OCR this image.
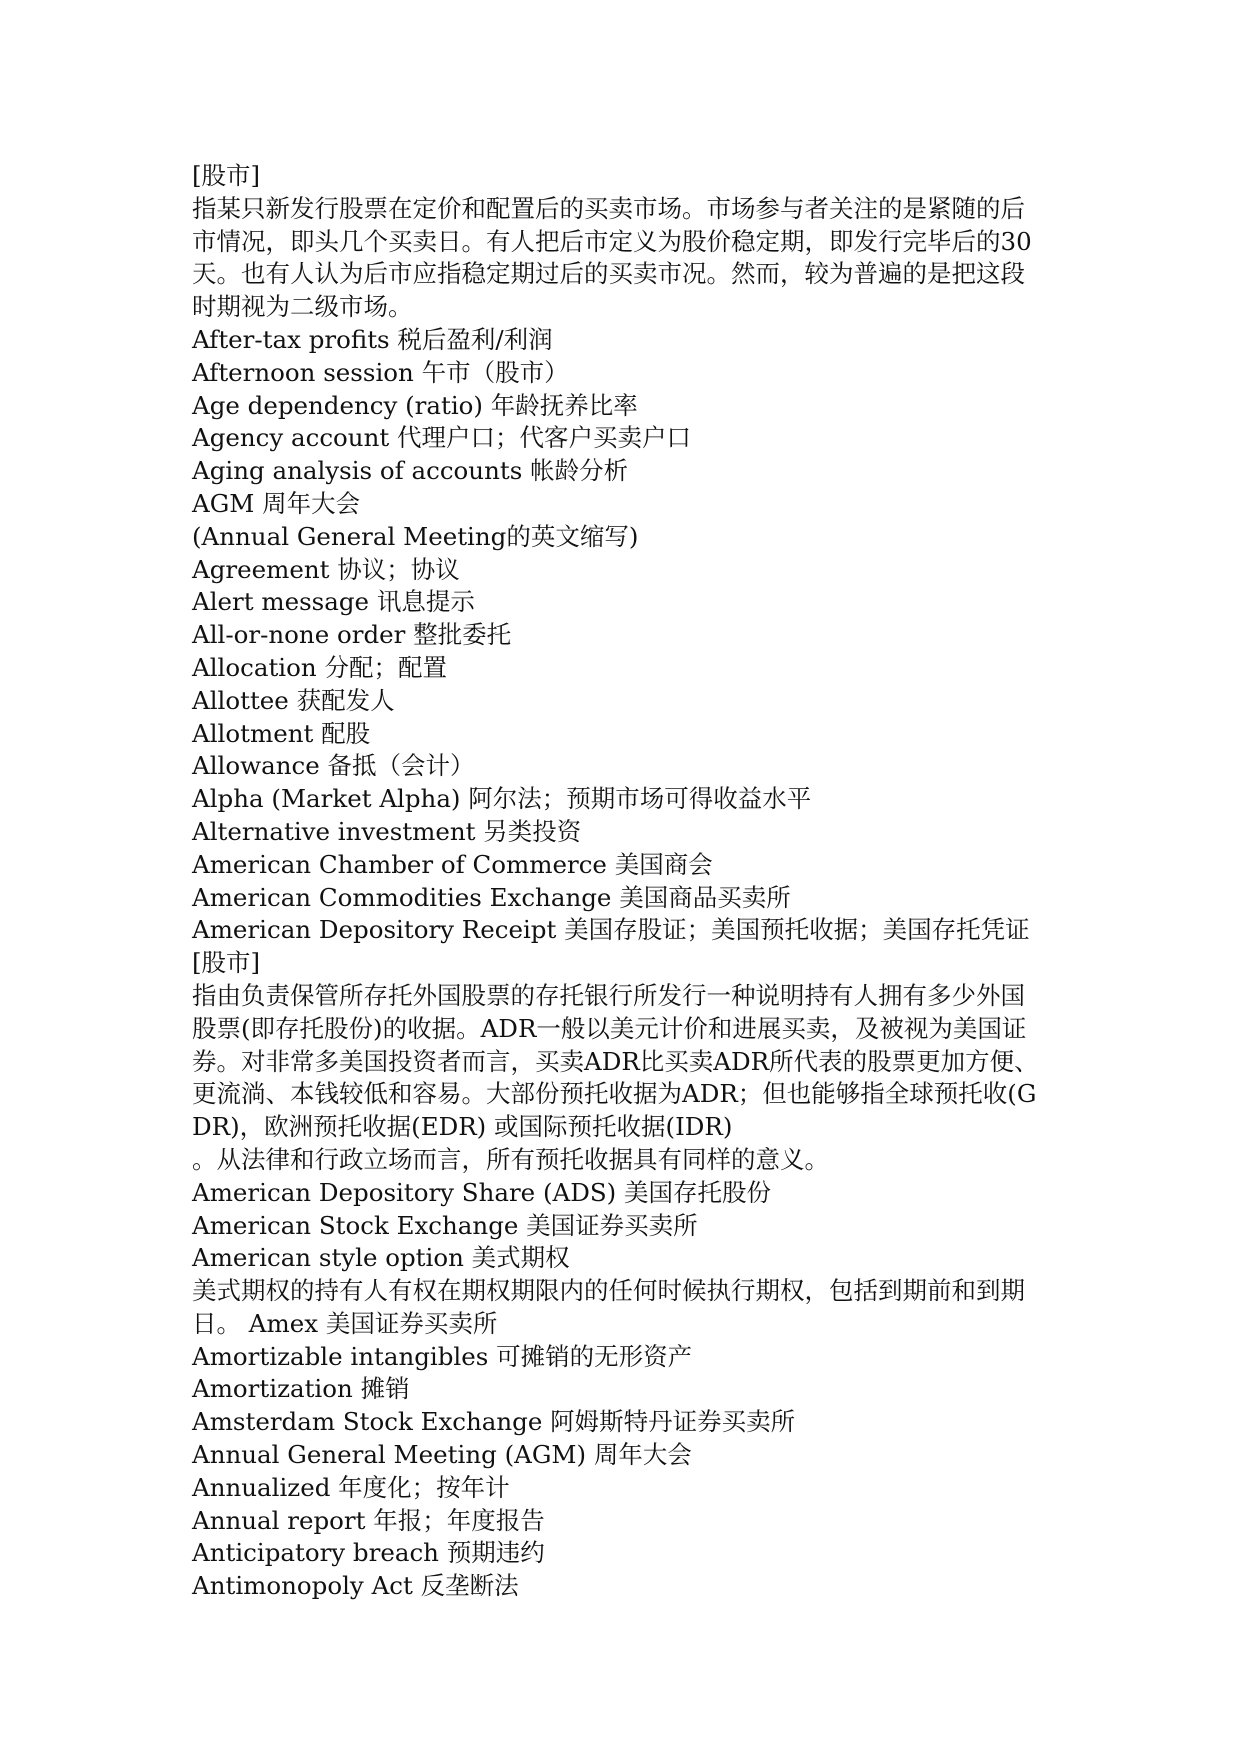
[股市]
指某只新发行股票在定价和配置后的买卖市场。市场参与者关注的是紧随的后
市情况，即头几个买卖日。有人把后市定义为股价稳定期，即发行完毕后的30
天。也有人认为后市应指稳定期过后的买卖市况。然而，较为普遍的是把这段
时期视为二级市场。
After-tax profits 税后盈利/利润
Afternoon session 午市（股市）
Age dependency (ratio) 年龄抚养比率
Agency account 代理户口；代客户买卖户口
Aging analysis of accounts 帐龄分析
AGM 周年大会
(Annual General Meeting的英文缩写)
Agreement 协议；协议
Alert message 讯息提示
All-or-none order 整批委托
Allocation 分配；配置
Allottee 获配发人
Allotment 配股
Allowance 备抵（会计）
Alpha (Market Alpha) 阿尔法；预期市场可得收益水平
Alternative investment 另类投资
American Chamber of Commerce 美国商会
American Commodities Exchange 美国商品买卖所
American Depository Receipt 美国存股证；美国预托收据；美国存托凭证
[股市]
指由负责保管所存托外国股票的存托银行所发行一种说明持有人拥有多少外国
股票(即存托股份)的收据。ADR一般以美元计价和进展买卖，及被视为美国证
券。对非常多美国投资者而言，买卖ADR比买卖ADR所代表的股票更加方便、
更流淌、本钱较低和容易。大部份预托收据为ADR；但也能够指全球预托收(G
DR)，欧洲预托收据(EDR) 或国际预托收据(IDR)
。从法律和行政立场而言，所有预托收据具有同样的意义。
American Depository Share (ADS) 美国存托股份
American Stock Exchange 美国证券买卖所
American style option 美式期权
美式期权的持有人有权在期权期限内的任何时候执行期权，包括到期前和到期
日。 Amex 美国证券买卖所
Amortizable intangibles 可摊销的无形资产
Amortization 摊销
Amsterdam Stock Exchange 阿姆斯特丹证券买卖所
Annual General Meeting (AGM) 周年大会
Annualized 年度化；按年计
Annual report 年报；年度报告
Anticipatory breach 预期违约
Antimonopoly Act 反垄断法
